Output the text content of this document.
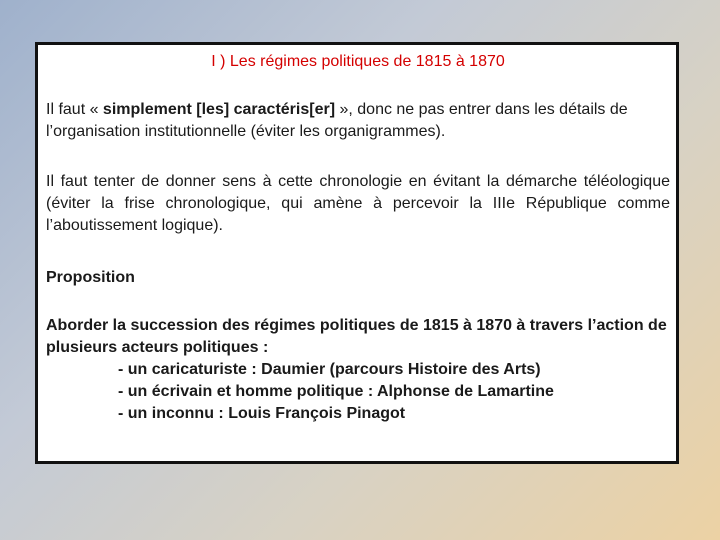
I ) Les régimes politiques de 1815 à 1870

Il faut « simplement [les] caractéris[er] », donc ne pas entrer dans les détails de l’organisation institutionnelle (éviter les organigrammes).

Il faut tenter de donner sens à cette chronologie en évitant la démarche téléologique (éviter la frise chronologique, qui amène à percevoir la IIIe République comme l’aboutissement logique).

Proposition

Aborder la succession des régimes politiques de 1815 à 1870 à travers l’action de plusieurs acteurs politiques :
- un caricaturiste : Daumier (parcours Histoire des Arts)
- un écrivain et homme politique : Alphonse de Lamartine
- un inconnu : Louis François Pinagot
